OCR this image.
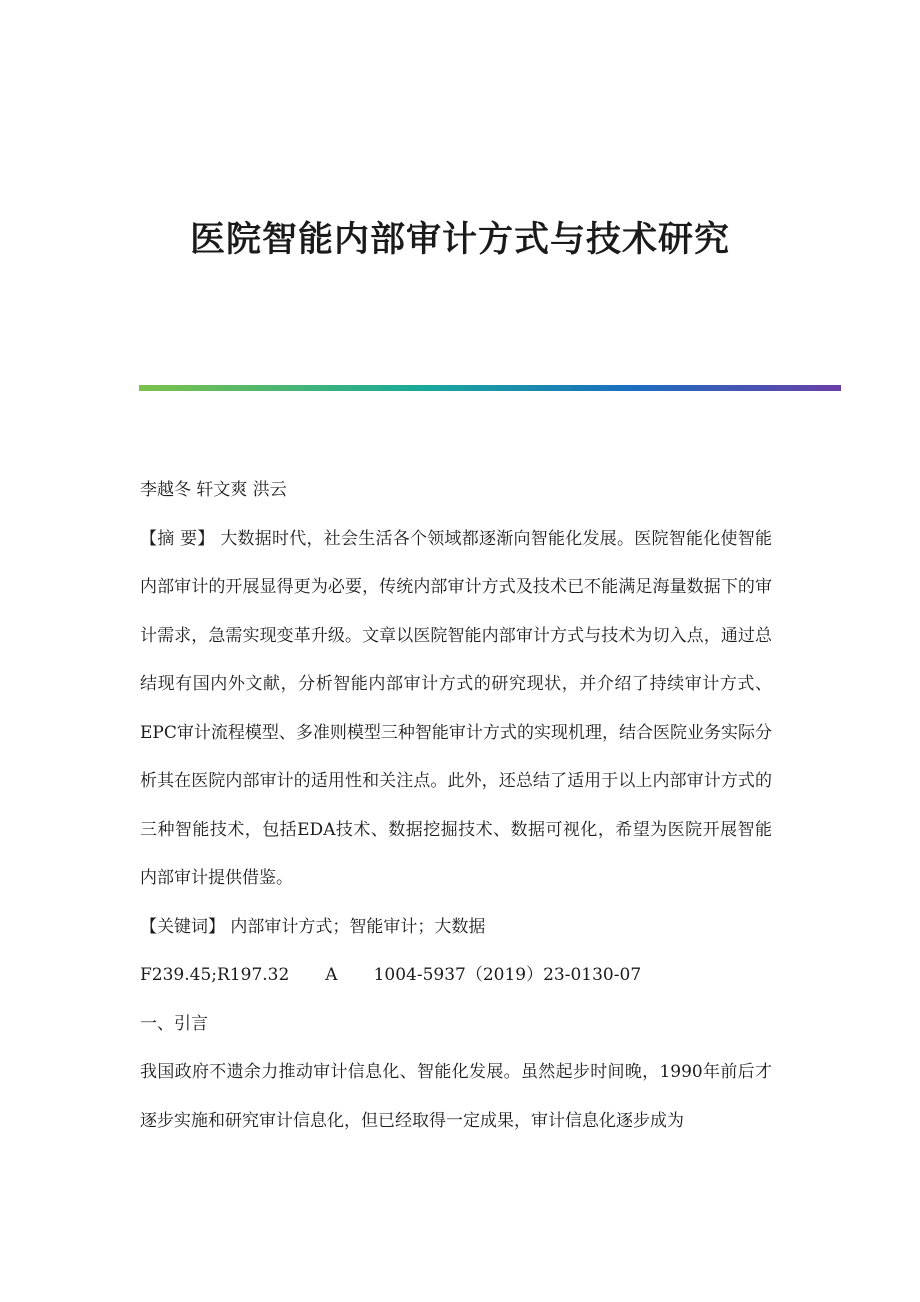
医院智能内部审计方式与技术研究

李越冬 轩文爽 洪云

【摘 要】 大数据时代，社会生活各个领域都逐渐向智能化发展。医院智能化使智能内部审计的开展显得更为必要，传统内部审计方式及技术已不能满足海量数据下的审计需求，急需实现变革升级。文章以医院智能内部审计方式与技术为切入点，通过总结现有国内外文献，分析智能内部审计方式的研究现状，并介绍了持续审计方式、EPC审计流程模型、多准则模型三种智能审计方式的实现机理，结合医院业务实际分析其在医院内部审计的适用性和关注点。此外，还总结了适用于以上内部审计方式的三种智能技术，包括EDA技术、数据挖掘技术、数据可视化，希望为医院开展智能内部审计提供借鉴。

【关键词】 内部审计方式；智能审计；大数据

F239.45;R197.32 A 1004-5937（2019）23-0130-07

一、引言

我国政府不遗余力推动审计信息化、智能化发展。虽然起步时间晚，1990年前后才逐步实施和研究审计信息化，但已经取得一定成果，审计信息化逐步成为
